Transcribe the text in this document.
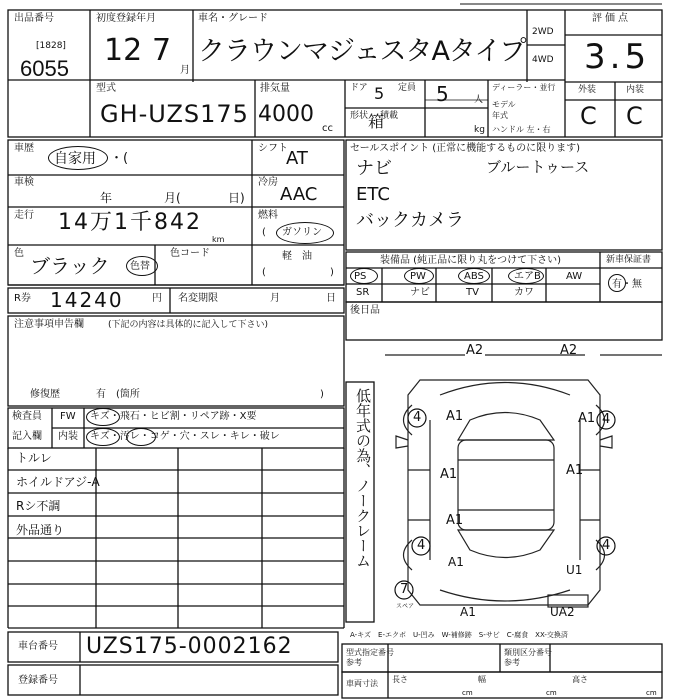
出品番号
[1828]
6055
初度登録年月
12 7
月
車名・グレード
クラウンマジェスタAタイプ
2WD
4WD
評価点
3.5
外装	内装
C C
型式
GH-UZS175
排気量
4000
cc
ドア 5 定員 5	人
形状 箱
積載
kg
ディーラー・並行
モデル
年式
ハンドル 左・右
車歴
自家用 ・(
車検
年	月(	日)
走行 14万1千842
km
色
ブラック 色替
色コード
シフト
AT
冷房
AAC
燃料
( ガソリン
軽　油
(	)
R券 14240	円 名変期限	月	日
セールスポイント (正常に機能するものに限ります)
ナビ	ブルートゥース
ETC
バックカメラ
装備品 (純正品に限り丸をつけて下さい)	新車保証書
有・無
PS	PW	ABS	エアB	AW
SR	ナビ	TV	カワ
後日品
注意事項申告欄	(下記の内容は具体的に記入して下さい)
修復歴	有 (箇所	)
検査員
記入欄
FW キズ・飛石・ヒビ割・リペア跡・X要
内装 キズ・汚レ・コゲ・穴・スレ・キレ・破レ
トルレ
ホイルドアジ-A
Rシ不調
外品通り	低年式の為、ノークレーム
A2	A2
4 A1	4
A1
A1	A1
A1
4
A1
4
U1
7
スペア	A1	UA2
A-キズ　E-エクボ　U-凹み　W-補修跡　S-サビ　C-腐食　XX-交換済
車台番号 UZS175-0002162
登録番号
型式指定番号
参考
類別区分番号
参考
車両寸法 長さ
cm
幅
cm
高さ
cm
